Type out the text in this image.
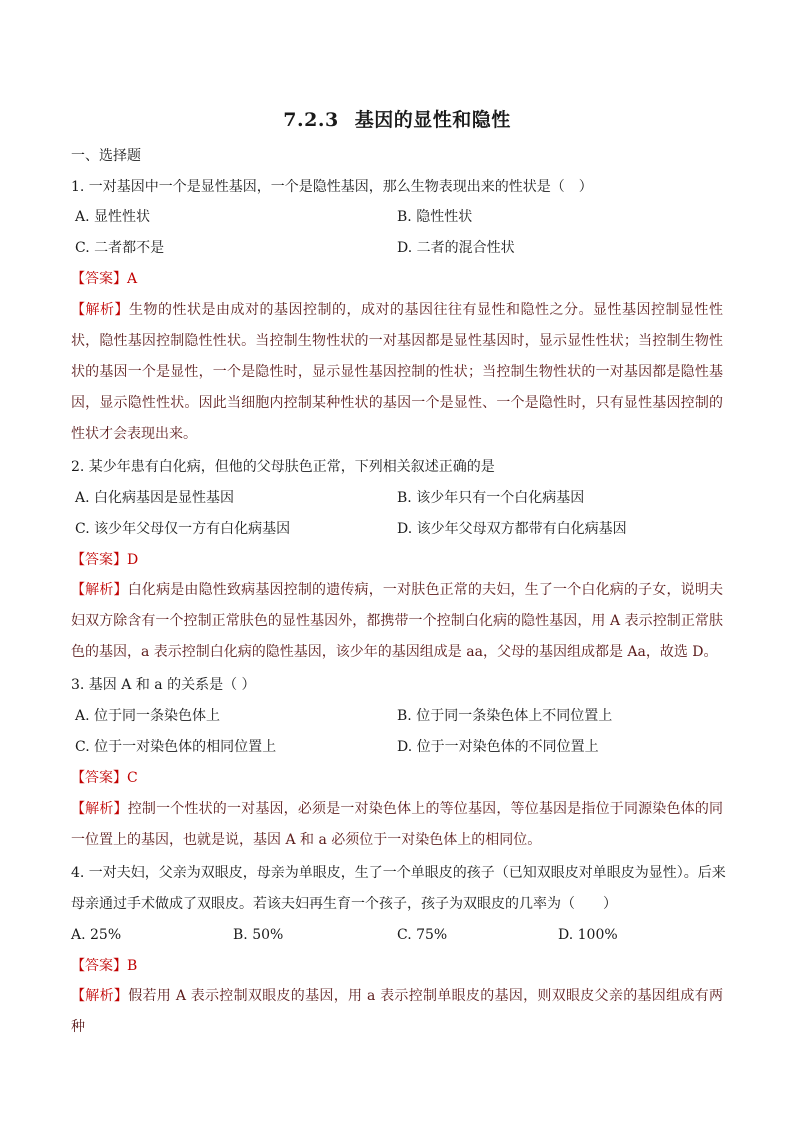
7.2.3 基因的显性和隐性
一、选择题
1. 一对基因中一个是显性基因，一个是隐性基因，那么生物表现出来的性状是（　）
A. 显性性状	B. 隐性性状
C. 二者都不是	D. 二者的混合性状
【答案】A
【解析】生物的性状是由成对的基因控制的，成对的基因往往有显性和隐性之分。显性基因控制显性性状，隐性基因控制隐性性状。当控制生物性状的一对基因都是显性基因时，显示显性性状；当控制生物性状的基因一个是显性，一个是隐性时，显示显性基因控制的性状；当控制生物性状的一对基因都是隐性基因，显示隐性性状。因此当细胞内控制某种性状的基因一个是显性、一个是隐性时，只有显性基因控制的性状才会表现出来。
2. 某少年患有白化病，但他的父母肤色正常，下列相关叙述正确的是
A. 白化病基因是显性基因	B. 该少年只有一个白化病基因
C. 该少年父母仅一方有白化病基因	D. 该少年父母双方都带有白化病基因
【答案】D
【解析】白化病是由隐性致病基因控制的遗传病，一对肤色正常的夫妇，生了一个白化病的子女，说明夫妇双方除含有一个控制正常肤色的显性基因外，都携带一个控制白化病的隐性基因，用 A 表示控制正常肤色的基因，a 表示控制白化病的隐性基因，该少年的基因组成是 aa，父母的基因组成都是 Aa，故选 D。
3. 基因 A 和 a 的关系是（ ）
A. 位于同一条染色体上	B. 位于同一条染色体上不同位置上
C. 位于一对染色体的相同位置上	D. 位于一对染色体的不同位置上
【答案】C
【解析】控制一个性状的一对基因，必须是一对染色体上的等位基因，等位基因是指位于同源染色体的同一位置上的基因，也就是说，基因 A 和 a 必须位于一对染色体上的相同位。
4. 一对夫妇，父亲为双眼皮，母亲为单眼皮，生了一个单眼皮的孩子（已知双眼皮对单眼皮为显性）。后来
母亲通过手术做成了双眼皮。若该夫妇再生育一个孩子，孩子为双眼皮的几率为（　　）
A. 25%	B. 50%	C. 75%	D. 100%
【答案】B
【解析】假若用 A 表示控制双眼皮的基因，用 a 表示控制单眼皮的基因，则双眼皮父亲的基因组成有两种
